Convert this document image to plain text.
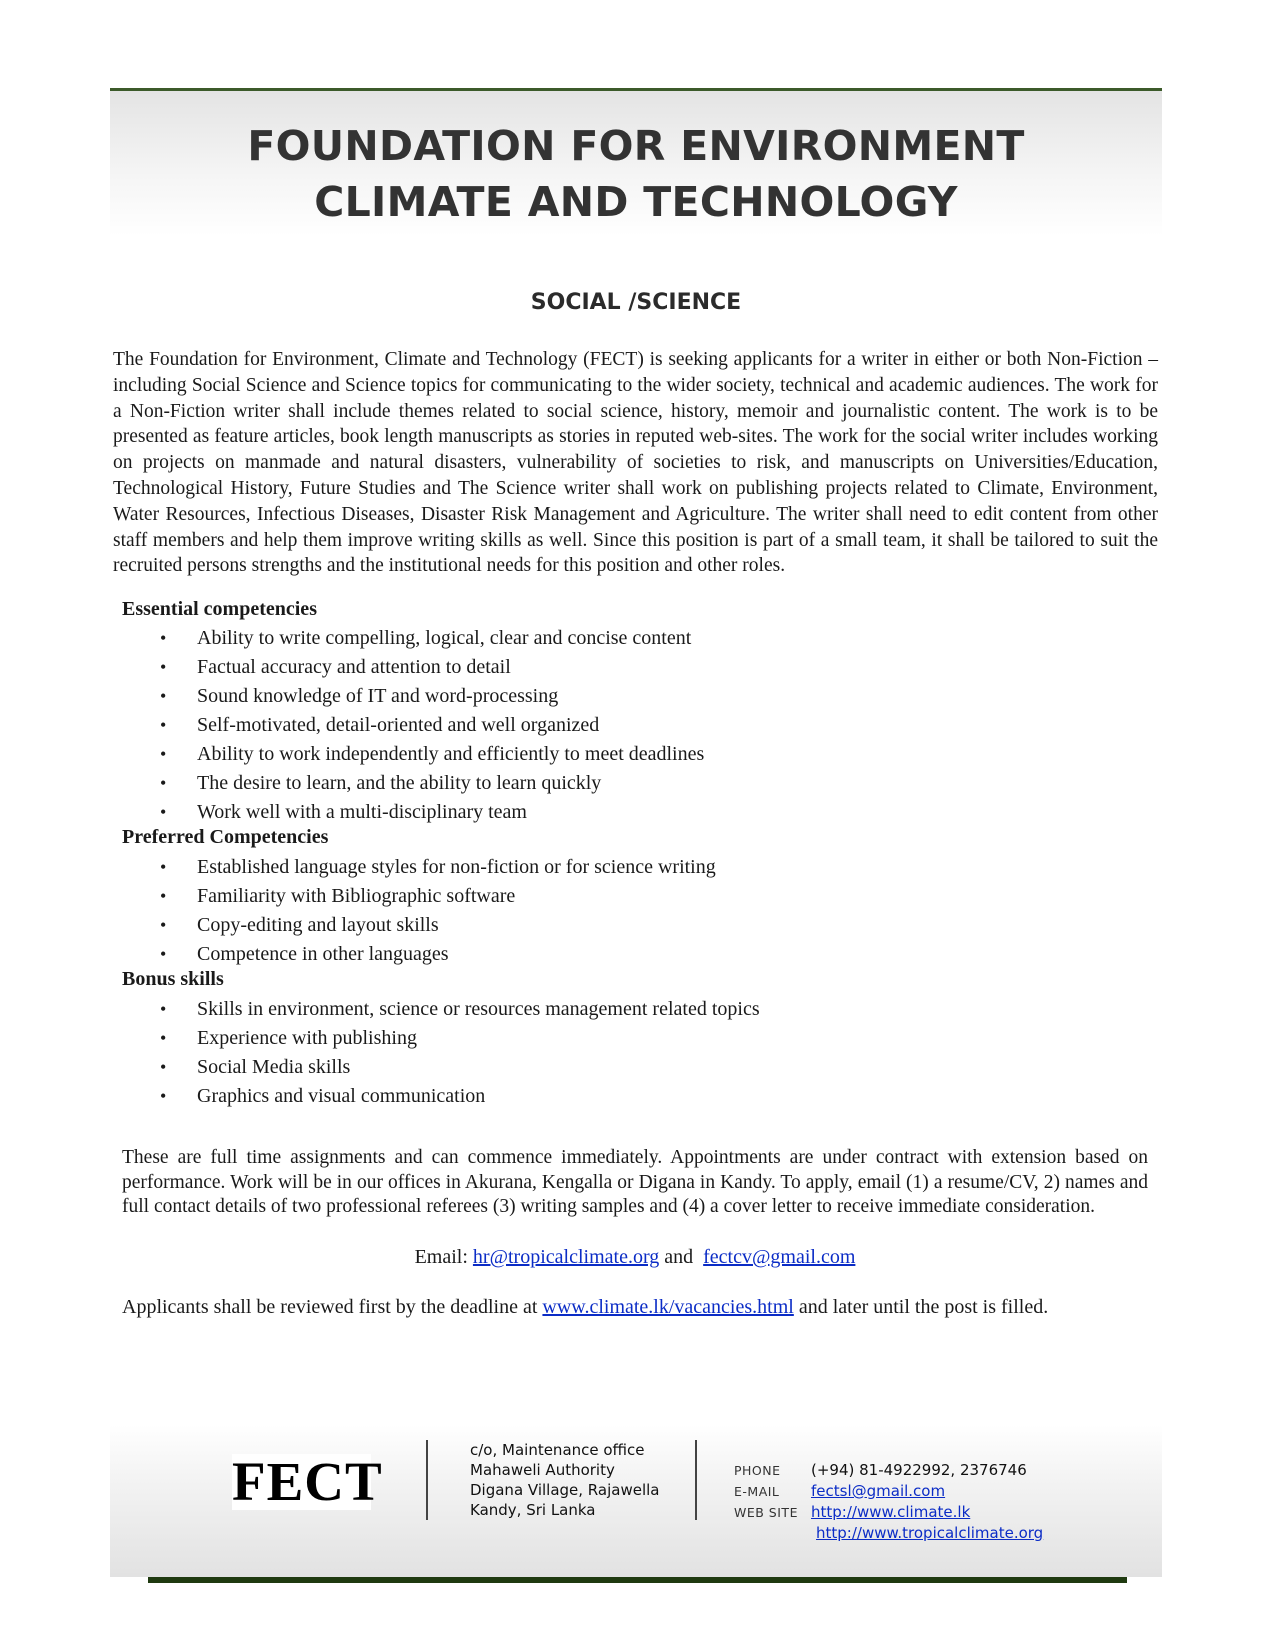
FOUNDATION FOR ENVIRONMENT
CLIMATE AND TECHNOLOGY
SOCIAL /SCIENCE

The Foundation for Environment, Climate and Technology (FECT) is seeking applicants for a writer in either or both Non-Fiction – including Social Science and Science topics for communicating to the wider society, technical and academic audiences. The work for a Non-Fiction writer shall include themes related to social science, history, memoir and journalistic content. The work is to be presented as feature articles, book length manuscripts as stories in reputed web-sites. The work for the social writer includes working on projects on manmade and natural disasters, vulnerability of societies to risk, and manuscripts on Universities/Education, Technological History, Future Studies and The Science writer shall work on publishing projects related to Climate, Environment, Water Resources, Infectious Diseases, Disaster Risk Management and Agriculture. The writer shall need to edit content from other staff members and help them improve writing skills as well. Since this position is part of a small team, it shall be tailored to suit the recruited persons strengths and the institutional needs for this position and other roles.

Essential competencies

• Ability to write compelling, logical, clear and concise content
• Factual accuracy and attention to detail
• Sound knowledge of IT and word-processing
• Self-motivated, detail-oriented and well organized
• Ability to work independently and efficiently to meet deadlines
• The desire to learn, and the ability to learn quickly
• Work well with a multi-disciplinary team

Preferred Competencies

• Established language styles for non-fiction or for science writing
• Familiarity with Bibliographic software
• Copy-editing and layout skills
• Competence in other languages

Bonus skills

• Skills in environment, science or resources management related topics
• Experience with publishing
• Social Media skills
• Graphics and visual communication

These are full time assignments and can commence immediately. Appointments are under contract with extension based on performance. Work will be in our offices in Akurana, Kengalla or Digana in Kandy. To apply, email (1) a resume/CV, 2) names and full contact details of two professional referees (3) writing samples and (4) a cover letter to receive immediate consideration.

Email: hr@tropicalclimate.org and fectcv@gmail.com
Applicants shall be reviewed first by the deadline at www.climate.lk/vacancies.html and later until the post is filled.
FECT
c/o, Maintenance office
Mahaweli Authority
Digana Village, Rajawella
Kandy, Sri Lanka
PHONE (+94) 81-4922992, 2376746
E-MAIL fectsl@gmail.com
WEB SITE http://www.climate.lk
http://www.tropicalclimate.org
